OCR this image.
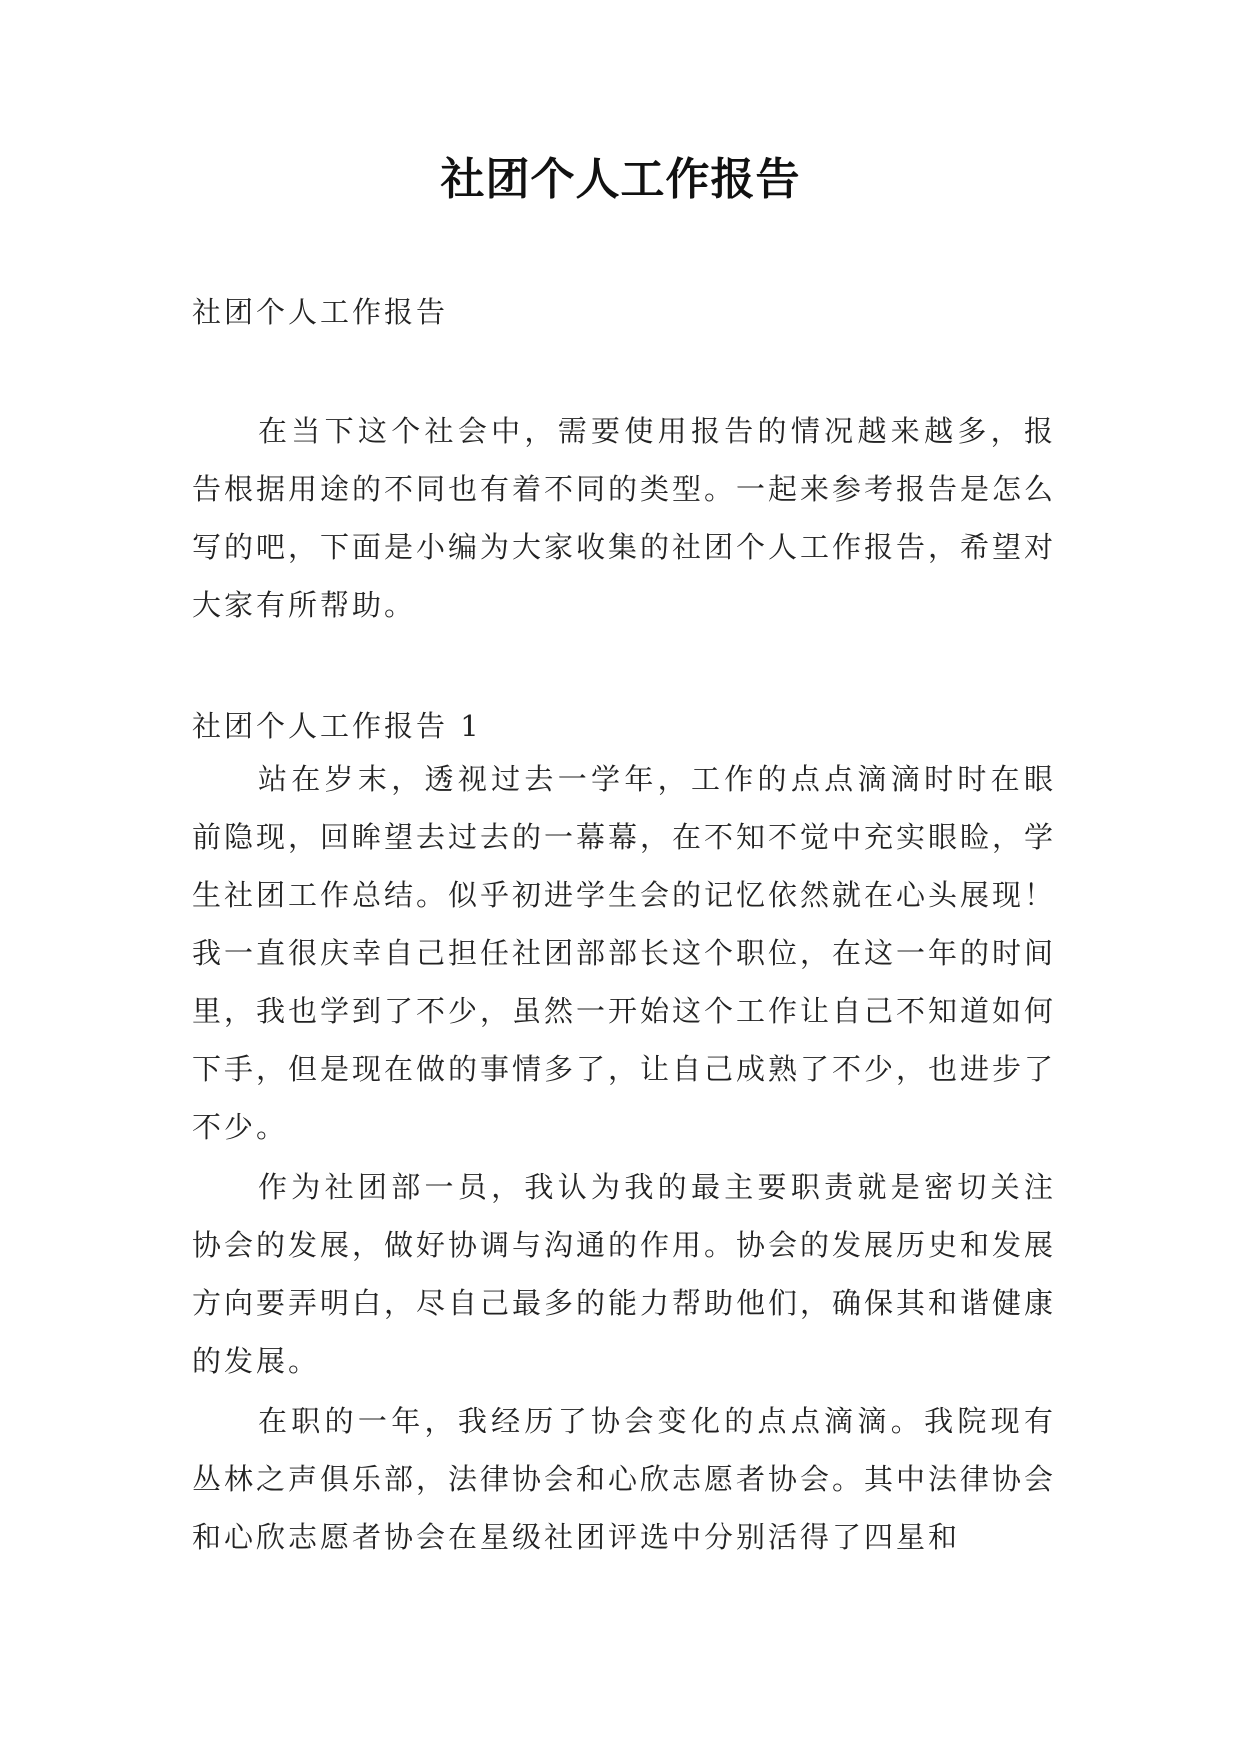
社团个人工作报告
社团个人工作报告

在当下这个社会中，需要使用报告的情况越来越多，报告根据用途的不同也有着不同的类型。一起来参考报告是怎么写的吧，下面是小编为大家收集的社团个人工作报告，希望对大家有所帮助。

社团个人工作报告 1

站在岁末，透视过去一学年，工作的点点滴滴时时在眼前隐现，回眸望去过去的一幕幕，在不知不觉中充实眼睑，学生社团工作总结。似乎初进学生会的记忆依然就在心头展现！我一直很庆幸自己担任社团部部长这个职位，在这一年的时间里，我也学到了不少，虽然一开始这个工作让自己不知道如何下手，但是现在做的事情多了，让自己成熟了不少，也进步了不少。

作为社团部一员，我认为我的最主要职责就是密切关注协会的发展，做好协调与沟通的作用。协会的发展历史和发展方向要弄明白，尽自己最多的能力帮助他们，确保其和谐健康的发展。

在职的一年，我经历了协会变化的点点滴滴。我院现有丛林之声俱乐部，法律协会和心欣志愿者协会。其中法律协会和心欣志愿者协会在星级社团评选中分别活得了四星和
